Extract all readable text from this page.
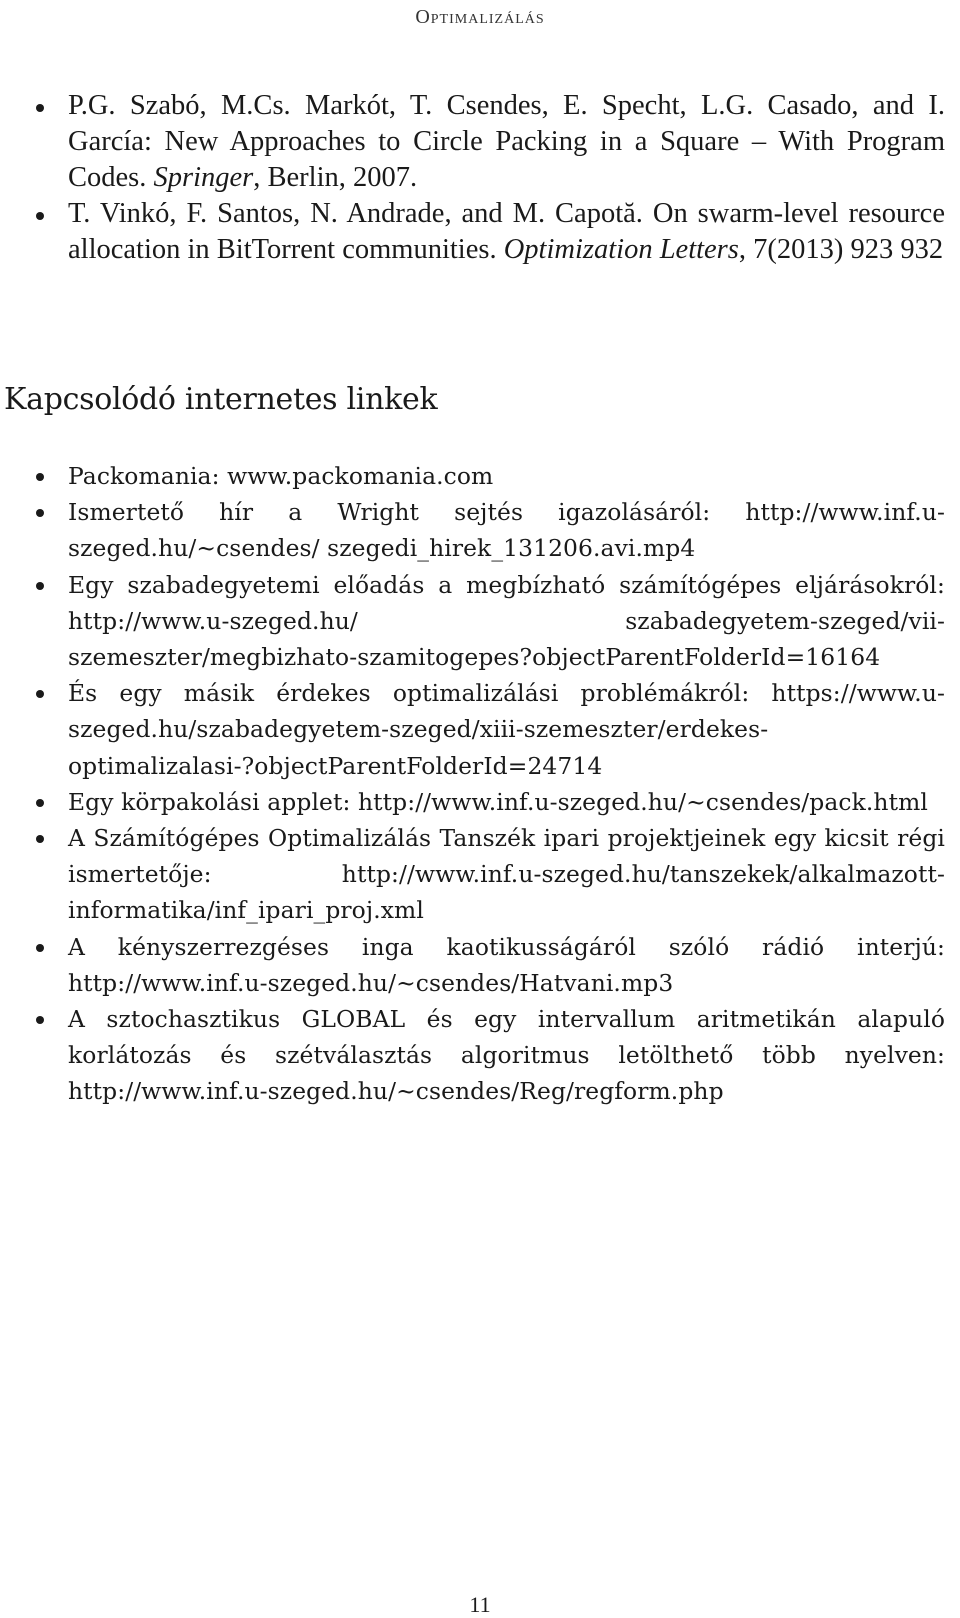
Optimalizálás
P.G. Szabó, M.Cs. Markót, T. Csendes, E. Specht, L.G. Casado, and I. García: New Approaches to Circle Packing in a Square – With Program Codes. Springer, Berlin, 2007.
T. Vinkó, F. Santos, N. Andrade, and M. Capotă. On swarm-level resource allocation in BitTorrent communities. Optimization Letters, 7(2013) 923 932
Kapcsolódó internetes linkek
Packomania: www.packomania.com
Ismertető hír a Wright sejtés igazolásáról: http://www.inf.u-szeged.hu/~csendes/ szegedi_hirek_131206.avi.mp4
Egy szabadegyetemi előadás a megbízható számítógépes eljárásokról: http://www.u-szeged.hu/ szabadegyetem-szeged/vii-szemeszter/megbizhato-szamitogepes?objectParentFolderId=16164
És egy másik érdekes optimalizálási problémákról: https://www.u-szeged.hu/szabadegyetem-szeged/xiii-szemeszter/erdekes-optimalizalasi-?objectParentFolderId=24714
Egy körpakolási applet: http://www.inf.u-szeged.hu/~csendes/pack.html
A Számítógépes Optimalizálás Tanszék ipari projektjeinek egy kicsit régi ismertetője: http://www.inf.u-szeged.hu/tanszekek/alkalmazott-informatika/inf_ipari_proj.xml
A kényszerrezgéses inga kaotikusságáról szóló rádió interjú: http://www.inf.u-szeged.hu/~csendes/Hatvani.mp3
A sztochasztikus GLOBAL és egy intervallum aritmetikán alapuló korlátozás és szétválasztás algoritmus letölthető több nyelven: http://www.inf.u-szeged.hu/~csendes/Reg/regform.php
11
